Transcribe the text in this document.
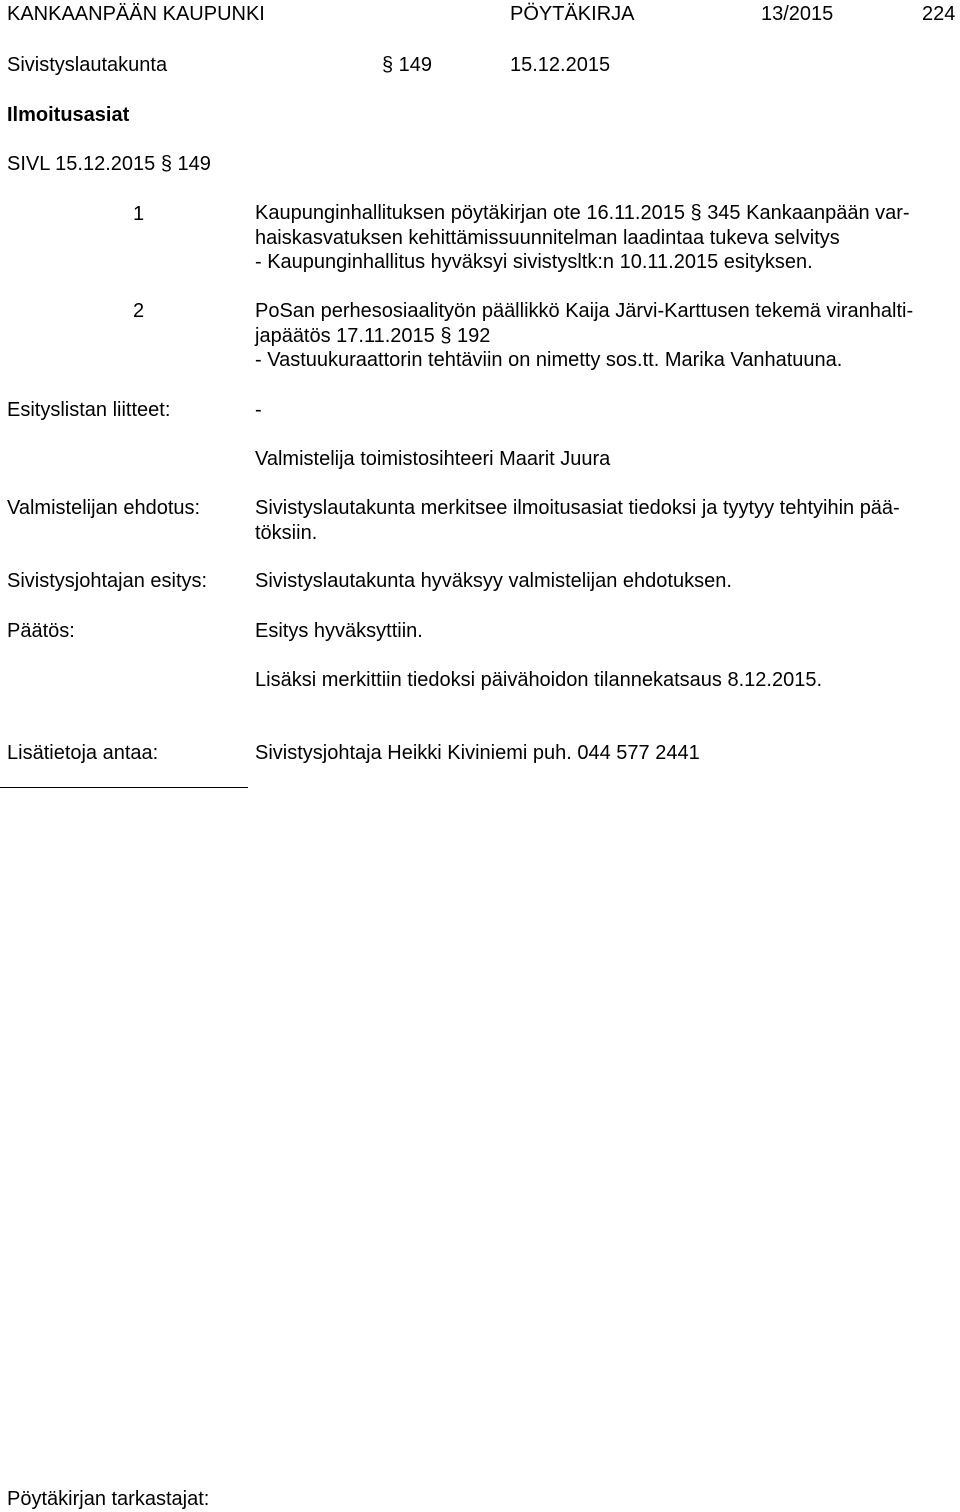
KANKAANPÄÄN KAUPUNKI	PÖYTÄKIRJA	13/2015	224
Sivistyslautakunta	§ 149	15.12.2015
Ilmoitusasiat
SIVL 15.12.2015 § 149
1	Kaupunginhallituksen pöytäkirjan ote 16.11.2015 § 345 Kankaanpään var-
haiskasvatuksen kehittämissuunnitelman laadintaa tukeva selvitys
- Kaupunginhallitus hyväksyi sivistysltk:n 10.11.2015 esityksen.
2	PoSan perhesosiaalityön päällikkö Kaija Järvi-Karttusen tekemä viranhalti-
japäätös 17.11.2015 § 192
- Vastuukuraattorin tehtäviin on nimetty sos.tt. Marika Vanhatuuna.
Esityslistan liitteet:	-
Valmistelija toimistosihteeri Maarit Juura
Valmistelijan ehdotus:	Sivistyslautakunta merkitsee ilmoitusasiat tiedoksi ja tyytyy tehtyihin pää-
töksiin.
Sivistysjohtajan esitys: Sivistyslautakunta hyväksyy valmistelijan ehdotuksen.
Päätös:	Esitys hyväksyttiin.
Lisäksi merkittiin tiedoksi päivähoidon tilannekatsaus 8.12.2015.
Lisätietoja antaa:	Sivistysjohtaja Heikki Kiviniemi puh. 044 577 2441
Pöytäkirjan tarkastajat:
